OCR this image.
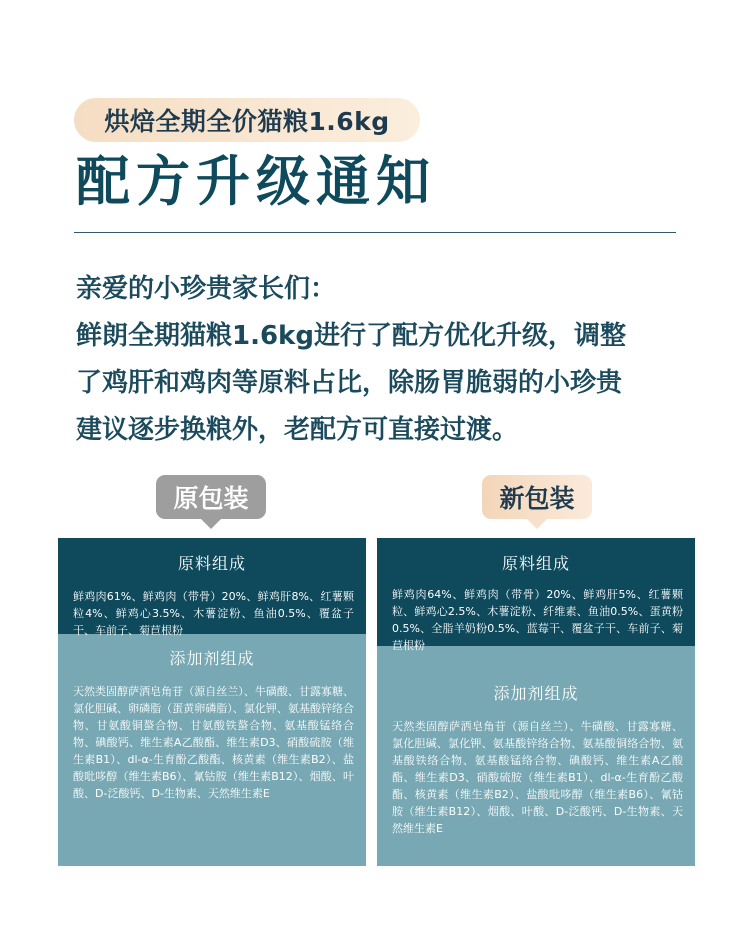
烘焙全期全价猫粮1.6kg
配方升级通知

亲爱的小珍贵家长们：

鲜朗全期猫粮1.6kg进行了配方优化升级，调整

了鸡肝和鸡肉等原料占比，除肠胃脆弱的小珍贵

建议逐步换粮外，老配方可直接过渡。

原包装	新包装
原料组成
鲜鸡肉61%、鲜鸡肉（带骨）20%、鲜鸡肝8%、红薯颗粒4%、鲜鸡心3.5%、木薯淀粉、鱼油0.5%、覆盆子干、车前子、菊苣根粉
添加剂组成
天然类固醇萨洒皂角苷（源自丝兰）、牛磺酸、甘露寡糖、氯化胆碱、卵磷脂（蛋黄卵磷脂）、氯化钾、氨基酸锌络合物、甘氨酸铜螯合物、甘氨酸铁螯合物、氨基酸锰络合物、碘酸钙、维生素A乙酸酯、维生素D3、硝酸硫胺（维生素B1）、dl-α-生育酚乙酸酯、核黄素（维生素B2）、盐酸吡哆醇（维生素B6）、氰钴胺（维生素B12）、烟酸、叶酸、D-泛酸钙、D-生物素、天然维生素E
原料组成
鲜鸡肉64%、鲜鸡肉（带骨）20%、鲜鸡肝5%、红薯颗粒、鲜鸡心2.5%、木薯淀粉、纤维素、鱼油0.5%、蛋黄粉0.5%、全脂羊奶粉0.5%、蓝莓干、覆盆子干、车前子、菊苣根粉
添加剂组成
天然类固醇萨洒皂角苷（源自丝兰）、牛磺酸、甘露寡糖、氯化胆碱、氯化钾、氨基酸锌络合物、氨基酸铜络合物、氨基酸铁络合物、氨基酸锰络合物、碘酸钙、维生素A乙酸酯、维生素D3、硝酸硫胺（维生素B1）、dl-α-生育酚乙酸酯、核黄素（维生素B2）、盐酸吡哆醇（维生素B6）、氰钴胺（维生素B12）、烟酸、叶酸、D-泛酸钙、D-生物素、天然维生素E
